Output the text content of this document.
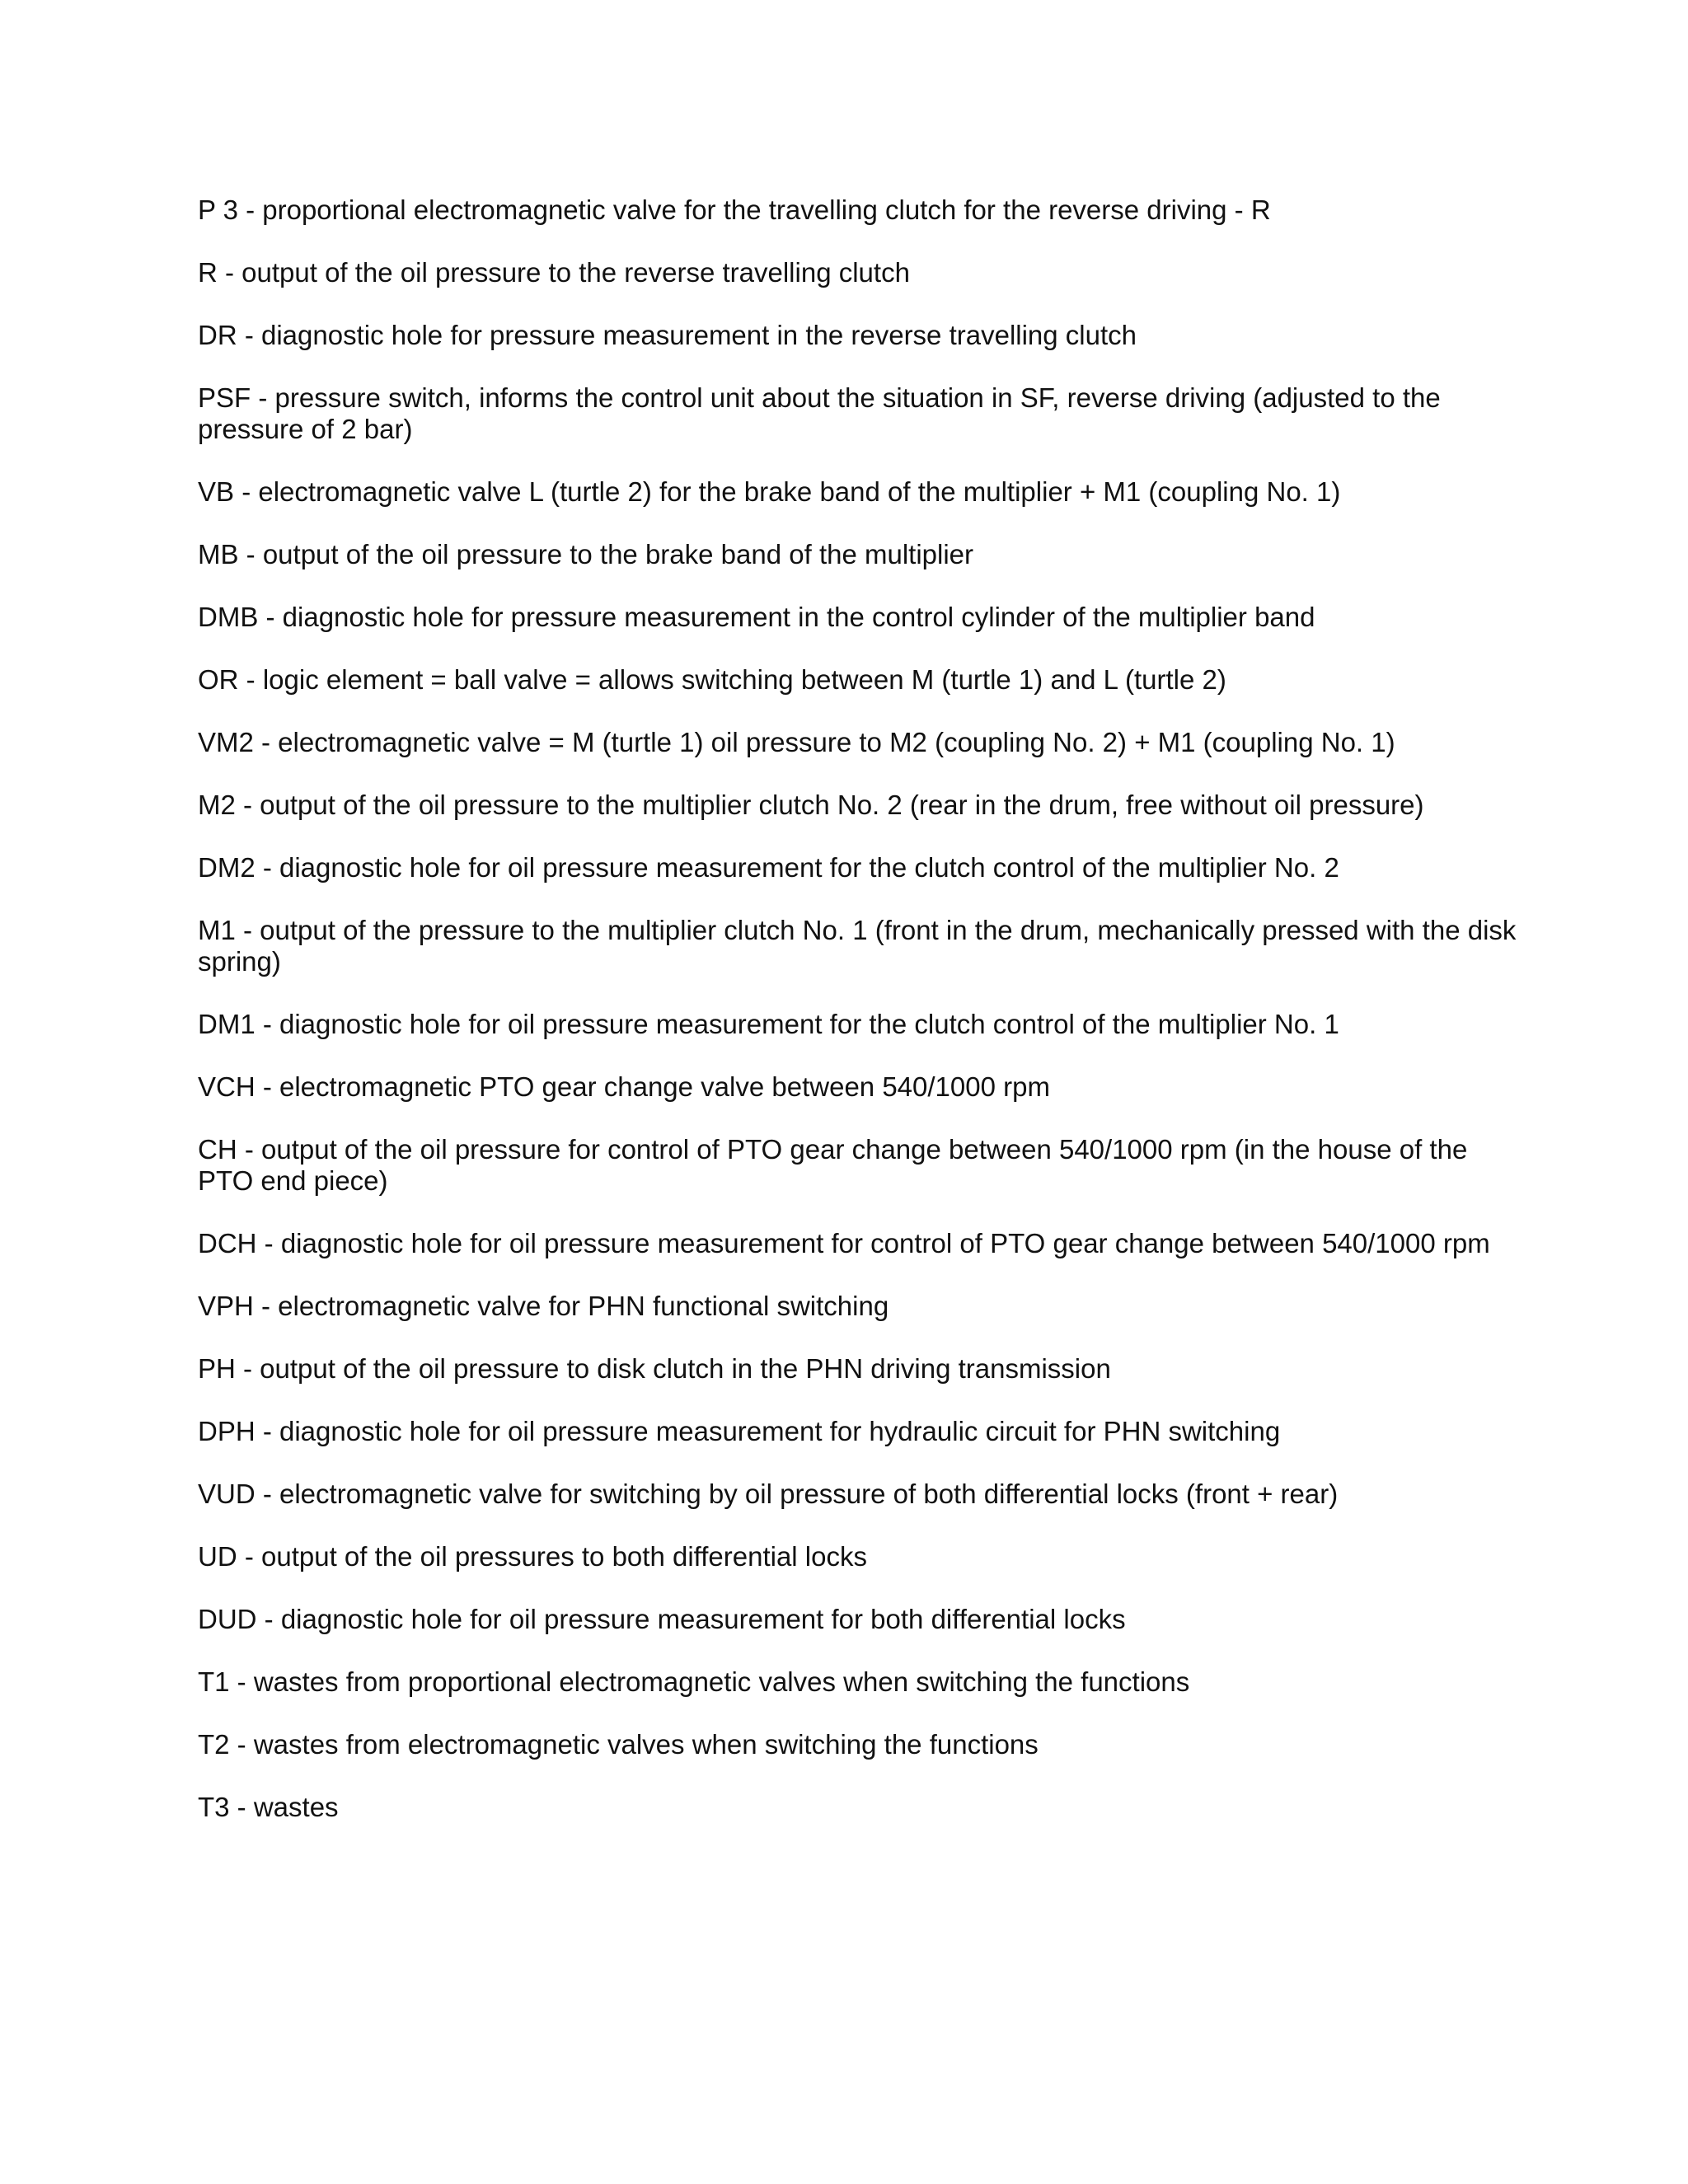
P 3 - proportional electromagnetic valve for the travelling clutch for the reverse driving - R
R - output of the oil pressure to the reverse travelling clutch
DR - diagnostic hole for pressure measurement in the reverse travelling clutch
PSF - pressure switch, informs the control unit about the situation in SF, reverse driving (adjusted to the pressure of 2 bar)
VB - electromagnetic valve L (turtle 2) for the brake band of the multiplier + M1 (coupling No. 1)
MB - output of the oil pressure to the brake band of the multiplier
DMB - diagnostic hole for pressure measurement in the control cylinder of the multiplier band
OR - logic element = ball valve = allows switching between M (turtle 1) and L (turtle 2)
VM2 - electromagnetic valve = M (turtle 1) oil pressure to M2 (coupling No. 2) + M1 (coupling No. 1)
M2 - output of the oil pressure to the multiplier clutch No. 2 (rear in the drum, free without oil pressure)
DM2 - diagnostic hole for oil pressure measurement for the clutch control of the multiplier No. 2
M1 - output of the pressure to the multiplier clutch No. 1 (front in the drum, mechanically pressed with the disk spring)
DM1 - diagnostic hole for oil pressure measurement for the clutch control of the multiplier No. 1
VCH - electromagnetic PTO gear change valve between 540/1000 rpm
CH - output of the oil pressure for control of PTO gear change between 540/1000 rpm (in the house of the PTO end piece)
DCH - diagnostic hole for oil pressure measurement for control of PTO gear change between 540/1000 rpm
VPH - electromagnetic valve for PHN functional switching
PH - output of the oil pressure to disk clutch in the PHN driving transmission
DPH - diagnostic hole for oil pressure measurement for hydraulic circuit for PHN switching
VUD - electromagnetic valve for switching by oil pressure of both differential locks (front + rear)
UD - output of the oil pressures to both differential locks
DUD - diagnostic hole for oil pressure measurement for both differential locks
T1 - wastes from proportional electromagnetic valves when switching the functions
T2 - wastes from electromagnetic valves when switching the functions
T3 - wastes
